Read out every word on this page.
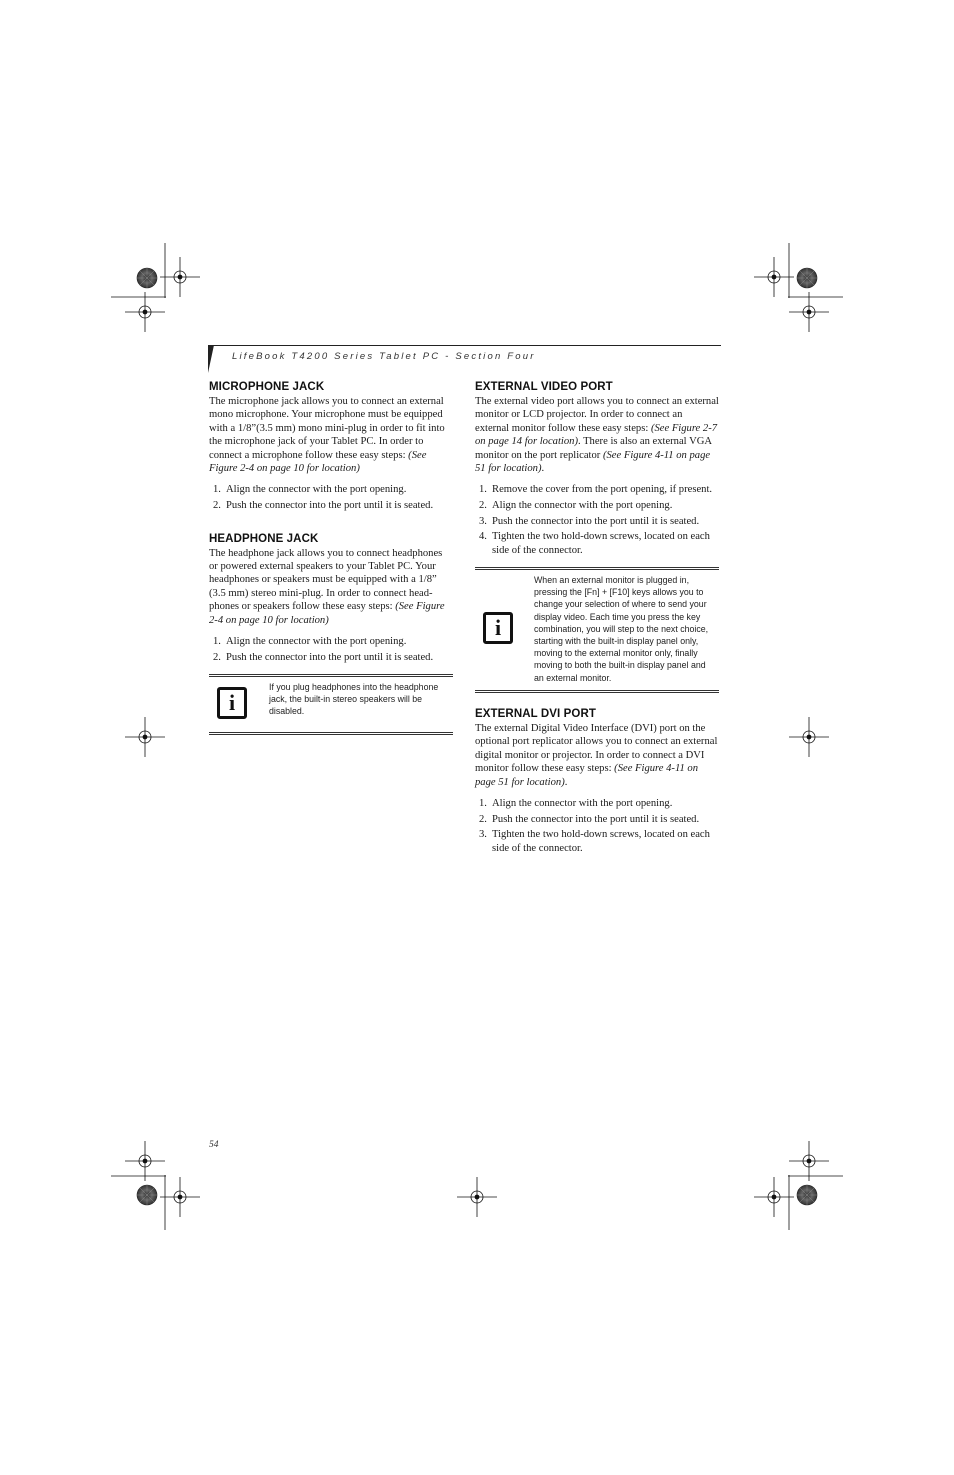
LifeBook T4200 Series Tablet PC - Section Four
MICROPHONE JACK

The microphone jack allows you to connect an external mono microphone. Your microphone must be equipped with a 1/8”(3.5 mm) mono mini-plug in order to fit into the microphone jack of your Tablet PC. In order to connect a microphone follow these easy steps: (See Figure 2-4 on page 10 for location)

1. Align the connector with the port opening.
2. Push the connector into the port until it is seated.
HEADPHONE JACK

The headphone jack allows you to connect headphones or powered external speakers to your Tablet PC. Your headphones or speakers must be equipped with a 1/8” (3.5 mm) stereo mini-plug. In order to connect head-phones or speakers follow these easy steps: (See Figure 2-4 on page 10 for location)

1. Align the connector with the port opening.
2. Push the connector into the port until it is seated.
i
If you plug headphones into the headphone jack, the built-in stereo speakers will be disabled.
EXTERNAL VIDEO PORT

The external video port allows you to connect an external monitor or LCD projector. In order to connect an external monitor follow these easy steps: (See Figure 2-7 on page 14 for location). There is also an external VGA monitor on the port replicator (See Figure 4-11 on page 51 for location).

1. Remove the cover from the port opening, if present.
2. Align the connector with the port opening.
3. Push the connector into the port until it is seated.
4. Tighten the two hold-down screws, located on each side of the connector.
i
When an external monitor is plugged in, pressing the [Fn] + [F10] keys allows you to change your selection of where to send your display video. Each time you press the key combination, you will step to the next choice, starting with the built-in display panel only, moving to the external monitor only, finally moving to both the built-in display panel and an external monitor.
EXTERNAL DVI PORT

The external Digital Video Interface (DVI) port on the optional port replicator allows you to connect an external digital monitor or projector. In order to connect a DVI monitor follow these easy steps: (See Figure 4-11 on page 51 for location).

1. Align the connector with the port opening.
2. Push the connector into the port until it is seated.
3. Tighten the two hold-down screws, located on each side of the connector.
54
